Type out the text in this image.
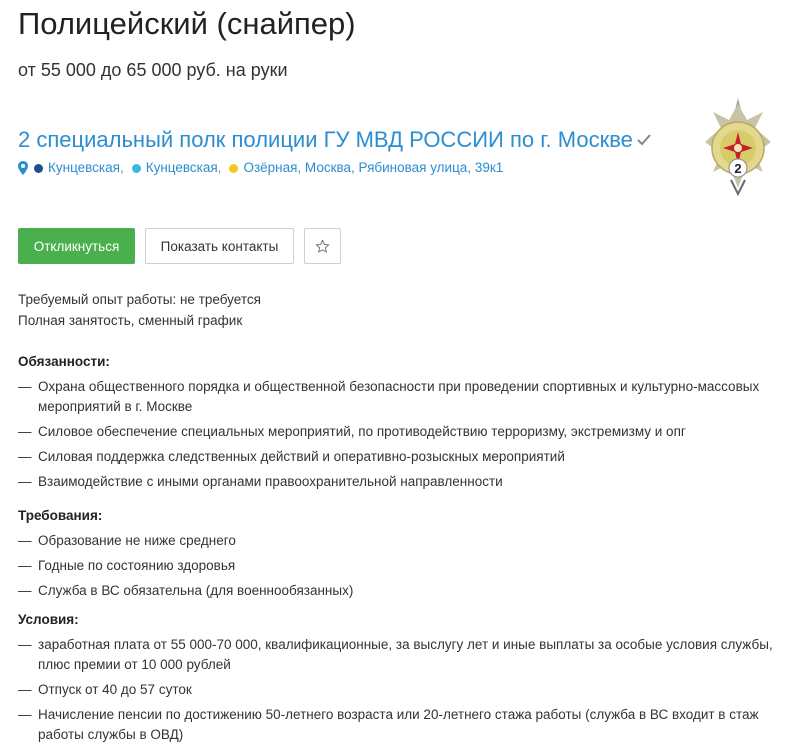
Полицейский (снайпер)
от 55 000 до 65 000 руб. на руки
2 специальный полк полиции ГУ МВД РОССИИ по г. Москве
Кунцевская , Кунцевская , Озёрная, Москва, Рябиновая улица, 39к1	2
Откликнуться	Показать контакты
Требуемый опыт работы: не требуется
Полная занятость, сменный график
Обязанности:
— Охрана общественного порядка и общественной безопасности при проведении спортивных и культурно-массовых мероприятий в г. Москве
— Силовое обеспечение специальных мероприятий, по противодействию терроризму, экстремизму и опг
— Силовая поддержка следственных действий и оперативно-розыскных мероприятий
— Взаимодействие с иными органами правоохранительной направленности
Требования:
— Образование не ниже среднего
— Годные по состоянию здоровья
— Служба в ВС обязательна (для военнообязанных)
Условия:
— заработная плата от 55 000-70 000, квалификационные, за выслугу лет и иные выплаты за особые условия службы, плюс премии от 10 000 рублей
— Отпуск от 40 до 57 суток
— Начисление пенсии по достижению 50-летнего возраста или 20-летнего стажа работы (служба в ВС входит в стаж работы службы в ОВД)
